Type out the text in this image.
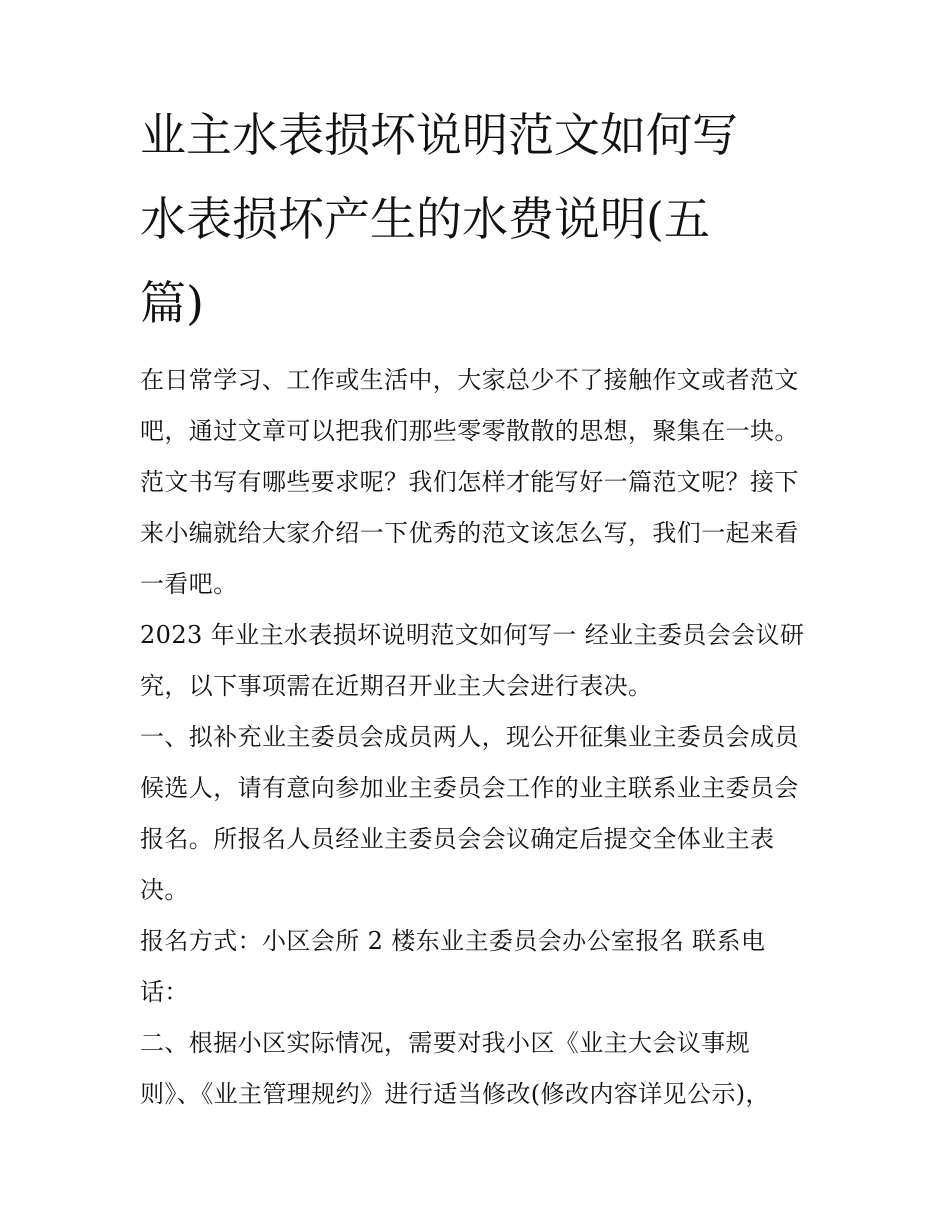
业主水表损坏说明范文如何写
水表损坏产生的水费说明(五
篇)
在日常学习、工作或生活中，大家总少不了接触作文或者范文
吧，通过文章可以把我们那些零零散散的思想，聚集在一块。
范文书写有哪些要求呢？我们怎样才能写好一篇范文呢？接下
来小编就给大家介绍一下优秀的范文该怎么写，我们一起来看
一看吧。
2023 年业主水表损坏说明范文如何写一 经业主委员会会议研
究，以下事项需在近期召开业主大会进行表决。
一、拟补充业主委员会成员两人，现公开征集业主委员会成员
候选人，请有意向参加业主委员会工作的业主联系业主委员会
报名。所报名人员经业主委员会会议确定后提交全体业主表
决。
报名方式：小区会所 2 楼东业主委员会办公室报名 联系电
话：
二、根据小区实际情况，需要对我小区《业主大会议事规
则》、《业主管理规约》进行适当修改(修改内容详见公示)，
